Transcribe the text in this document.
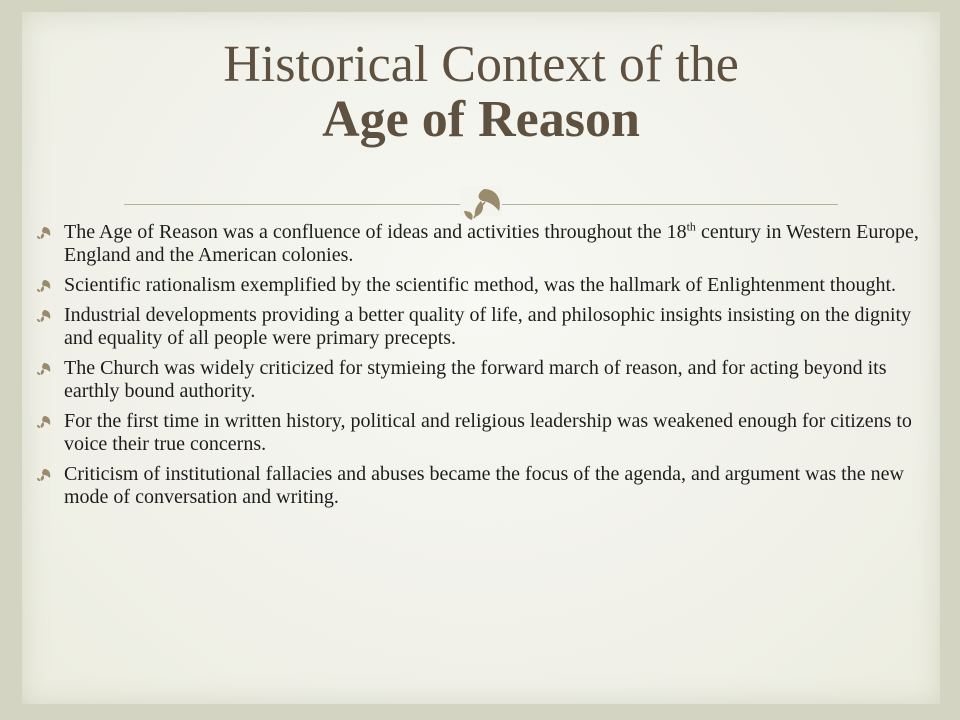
Historical Context of the
Age of Reason
The Age of Reason was a confluence of ideas and activities throughout the 18th century in Western Europe, England and the American colonies.
Scientific rationalism exemplified by the scientific method, was the hallmark of Enlightenment thought.
Industrial developments providing a better quality of life, and philosophic insights insisting on the dignity and equality of all people were primary precepts.
The Church was widely criticized for stymieing the forward march of reason, and for acting beyond its earthly bound authority.
For the first time in written history, political and religious leadership was weakened enough for citizens to voice their true concerns.
Criticism of institutional fallacies and abuses became the focus of the agenda, and argument was the new mode of conversation and writing.
